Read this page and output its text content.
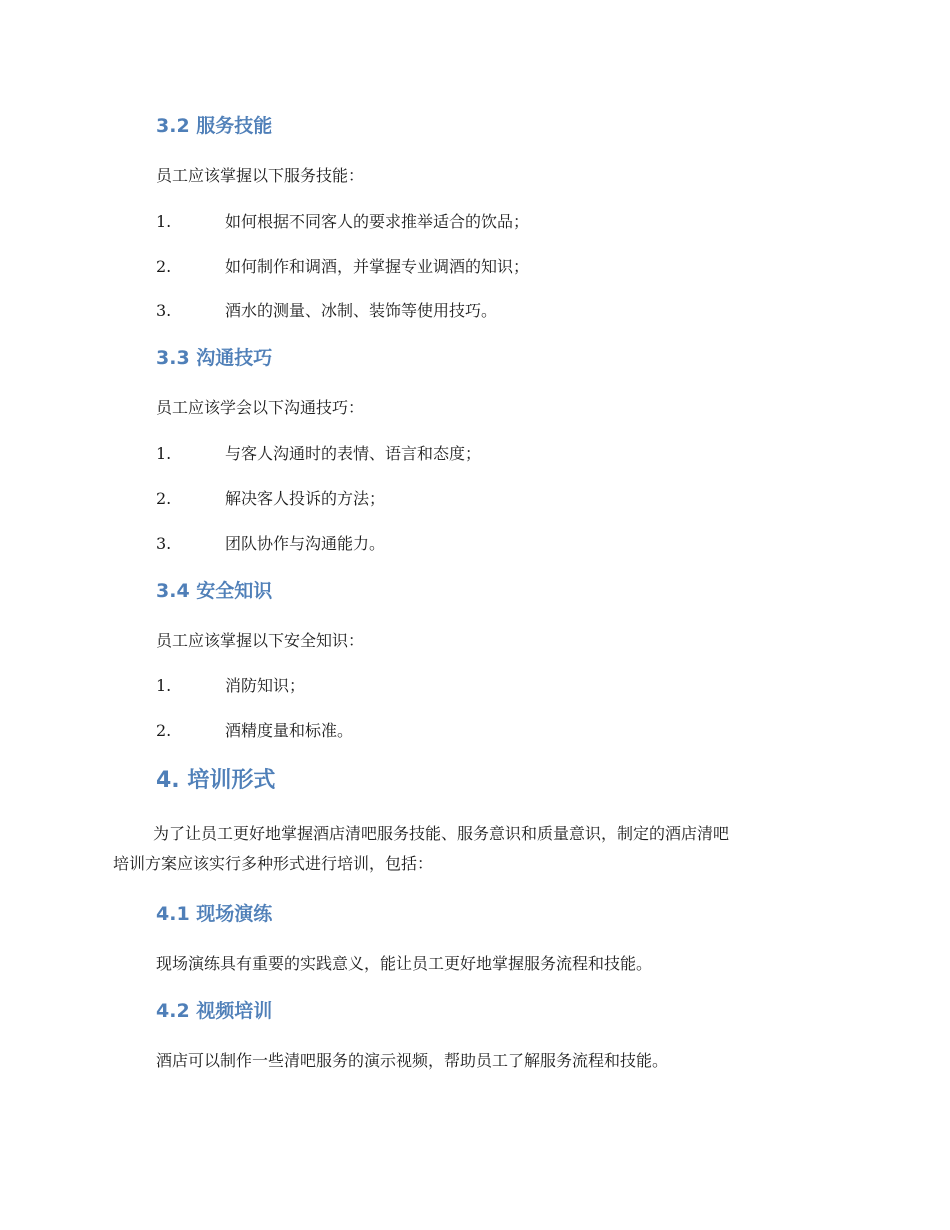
3.2 服务技能
员工应该掌握以下服务技能：
1.	如何根据不同客人的要求推举适合的饮品；
2.	如何制作和调酒，并掌握专业调酒的知识；
3.	酒水的测量、冰制、装饰等使用技巧。
3.3 沟通技巧
员工应该学会以下沟通技巧：
1.	与客人沟通时的表情、语言和态度；
2.	解决客人投诉的方法；
3.	团队协作与沟通能力。
3.4 安全知识
员工应该掌握以下安全知识：
1.	消防知识；
2.	酒精度量和标准。
4. 培训形式
为了让员工更好地掌握酒店清吧服务技能、服务意识和质量意识，制定的酒店清吧
培训方案应该实行多种形式进行培训，包括：
4.1 现场演练
现场演练具有重要的实践意义，能让员工更好地掌握服务流程和技能。
4.2 视频培训
酒店可以制作一些清吧服务的演示视频，帮助员工了解服务流程和技能。
